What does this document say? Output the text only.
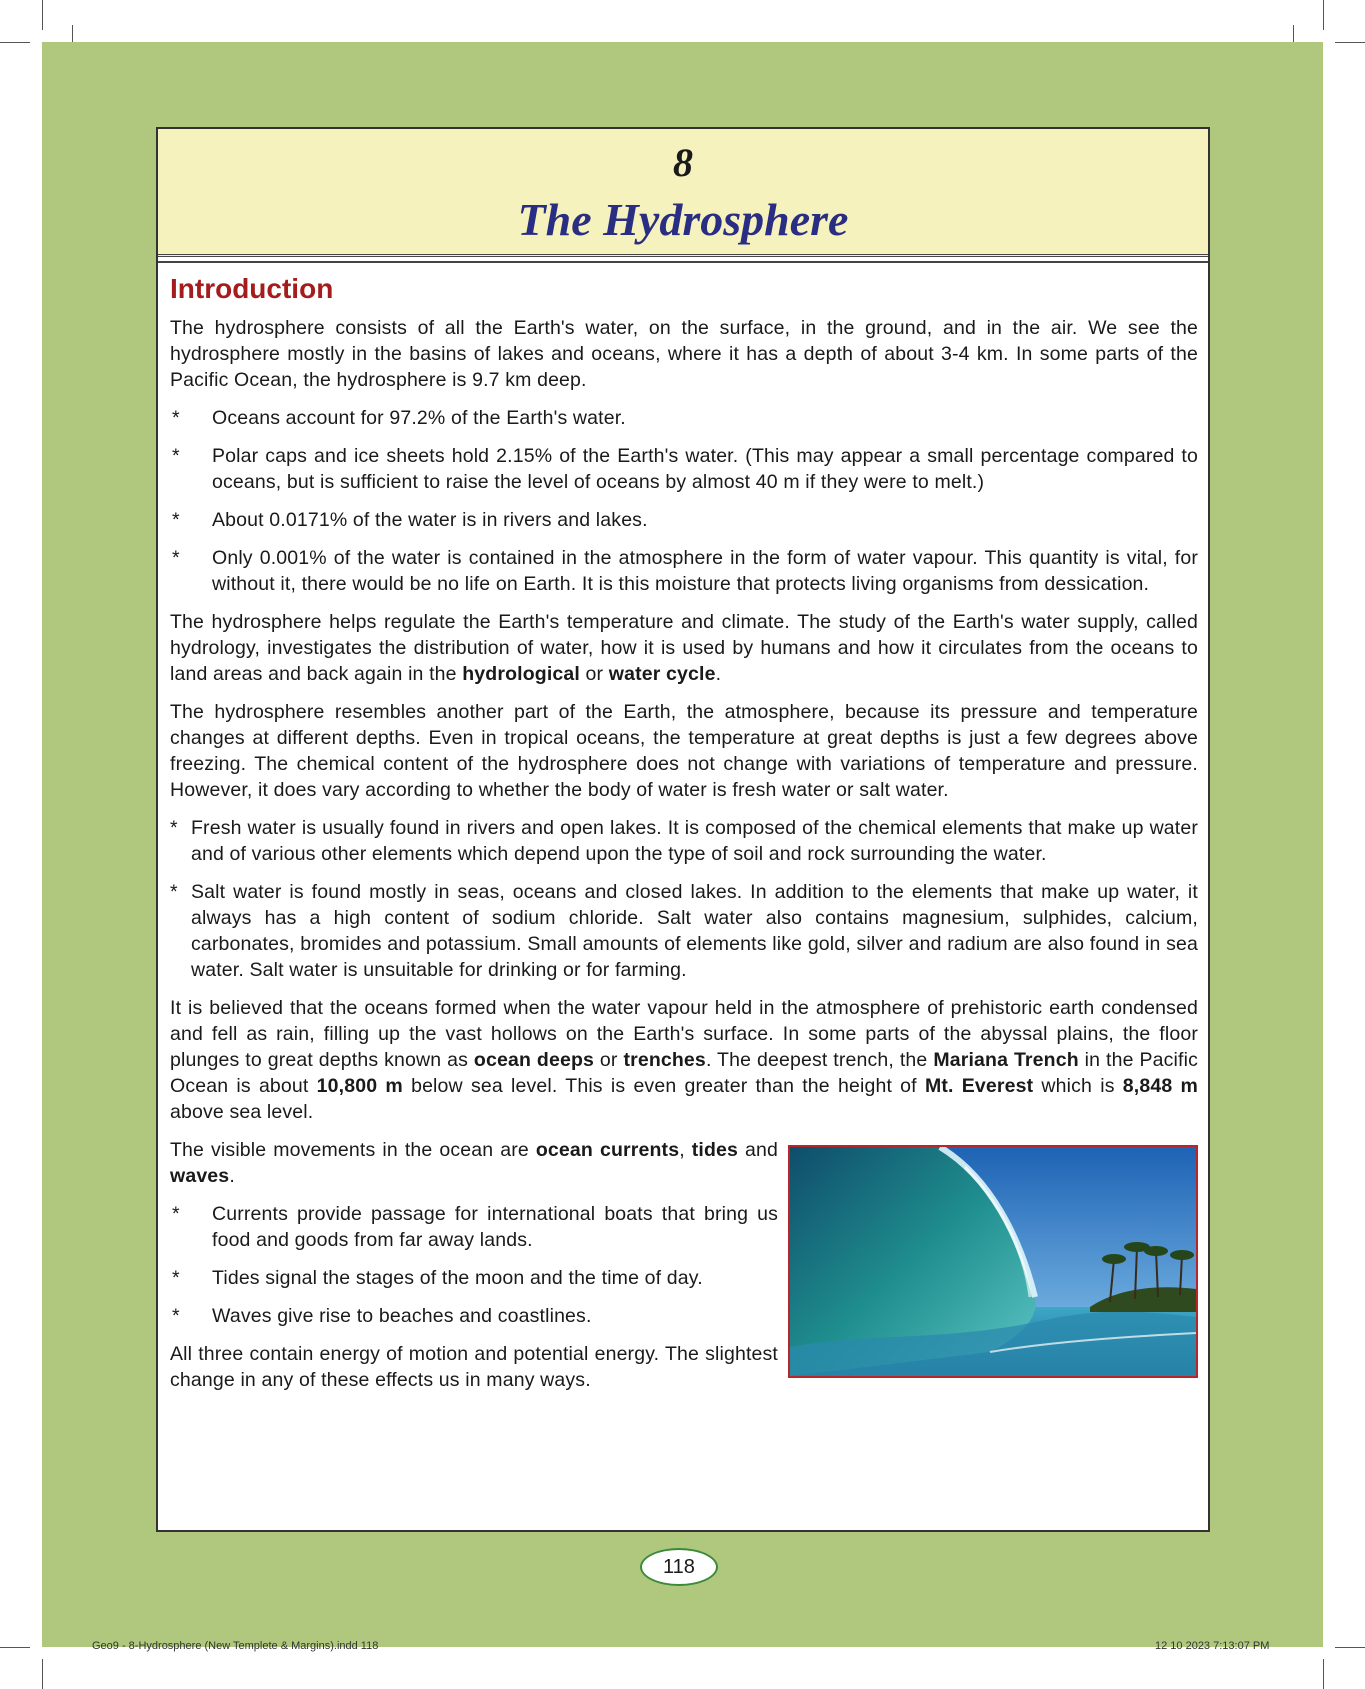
8
The Hydrosphere
Introduction

The hydrosphere consists of all the Earth's water, on the surface, in the ground, and in the air. We see the hydrosphere mostly in the basins of lakes and oceans, where it has a depth of about 3-4 km. In some parts of the Pacific Ocean, the hydrosphere is 9.7 km deep.

* Oceans account for 97.2% of the Earth's water.
* Polar caps and ice sheets hold 2.15% of the Earth's water. (This may appear a small percentage compared to oceans, but is sufficient to raise the level of oceans by almost 40 m if they were to melt.)
* About 0.0171% of the water is in rivers and lakes.
* Only 0.001% of the water is contained in the atmosphere in the form of water vapour. This quantity is vital, for without it, there would be no life on Earth. It is this moisture that protects living organisms from dessication.

The hydrosphere helps regulate the Earth's temperature and climate. The study of the Earth's water supply, called hydrology, investigates the distribution of water, how it is used by humans and how it circulates from the oceans to land areas and back again in the hydrological or water cycle.

The hydrosphere resembles another part of the Earth, the atmosphere, because its pressure and temperature changes at different depths. Even in tropical oceans, the temperature at great depths is just a few degrees above freezing. The chemical content of the hydrosphere does not change with variations of temperature and pressure. However, it does vary according to whether the body of water is fresh water or salt water.

* Fresh water is usually found in rivers and open lakes. It is composed of the chemical elements that make up water and of various other elements which depend upon the type of soil and rock surrounding the water.
* Salt water is found mostly in seas, oceans and closed lakes. In addition to the elements that make up water, it always has a high content of sodium chloride. Salt water also contains magnesium, sulphides, calcium, carbonates, bromides and potassium. Small amounts of elements like gold, silver and radium are also found in sea water. Salt water is unsuitable for drinking or for farming.

It is believed that the oceans formed when the water vapour held in the atmosphere of prehistoric earth condensed and fell as rain, filling up the vast hollows on the Earth's surface. In some parts of the abyssal plains, the floor plunges to great depths known as ocean deeps or trenches. The deepest trench, the Mariana Trench in the Pacific Ocean is about 10,800 m below sea level. This is even greater than the height of Mt. Everest which is 8,848 m above sea level.

The visible movements in the ocean are ocean currents, tides and waves.

* Currents provide passage for international boats that bring us food and goods from far away lands.
* Tides signal the stages of the moon and the time of day.
* Waves give rise to beaches and coastlines.

All three contain energy of motion and potential energy. The slightest change in any of these effects us in many ways.

118
Geo9 - 8-Hydrosphere (New Templete & Margins).indd 118	12 10 2023 7:13:07 PM
